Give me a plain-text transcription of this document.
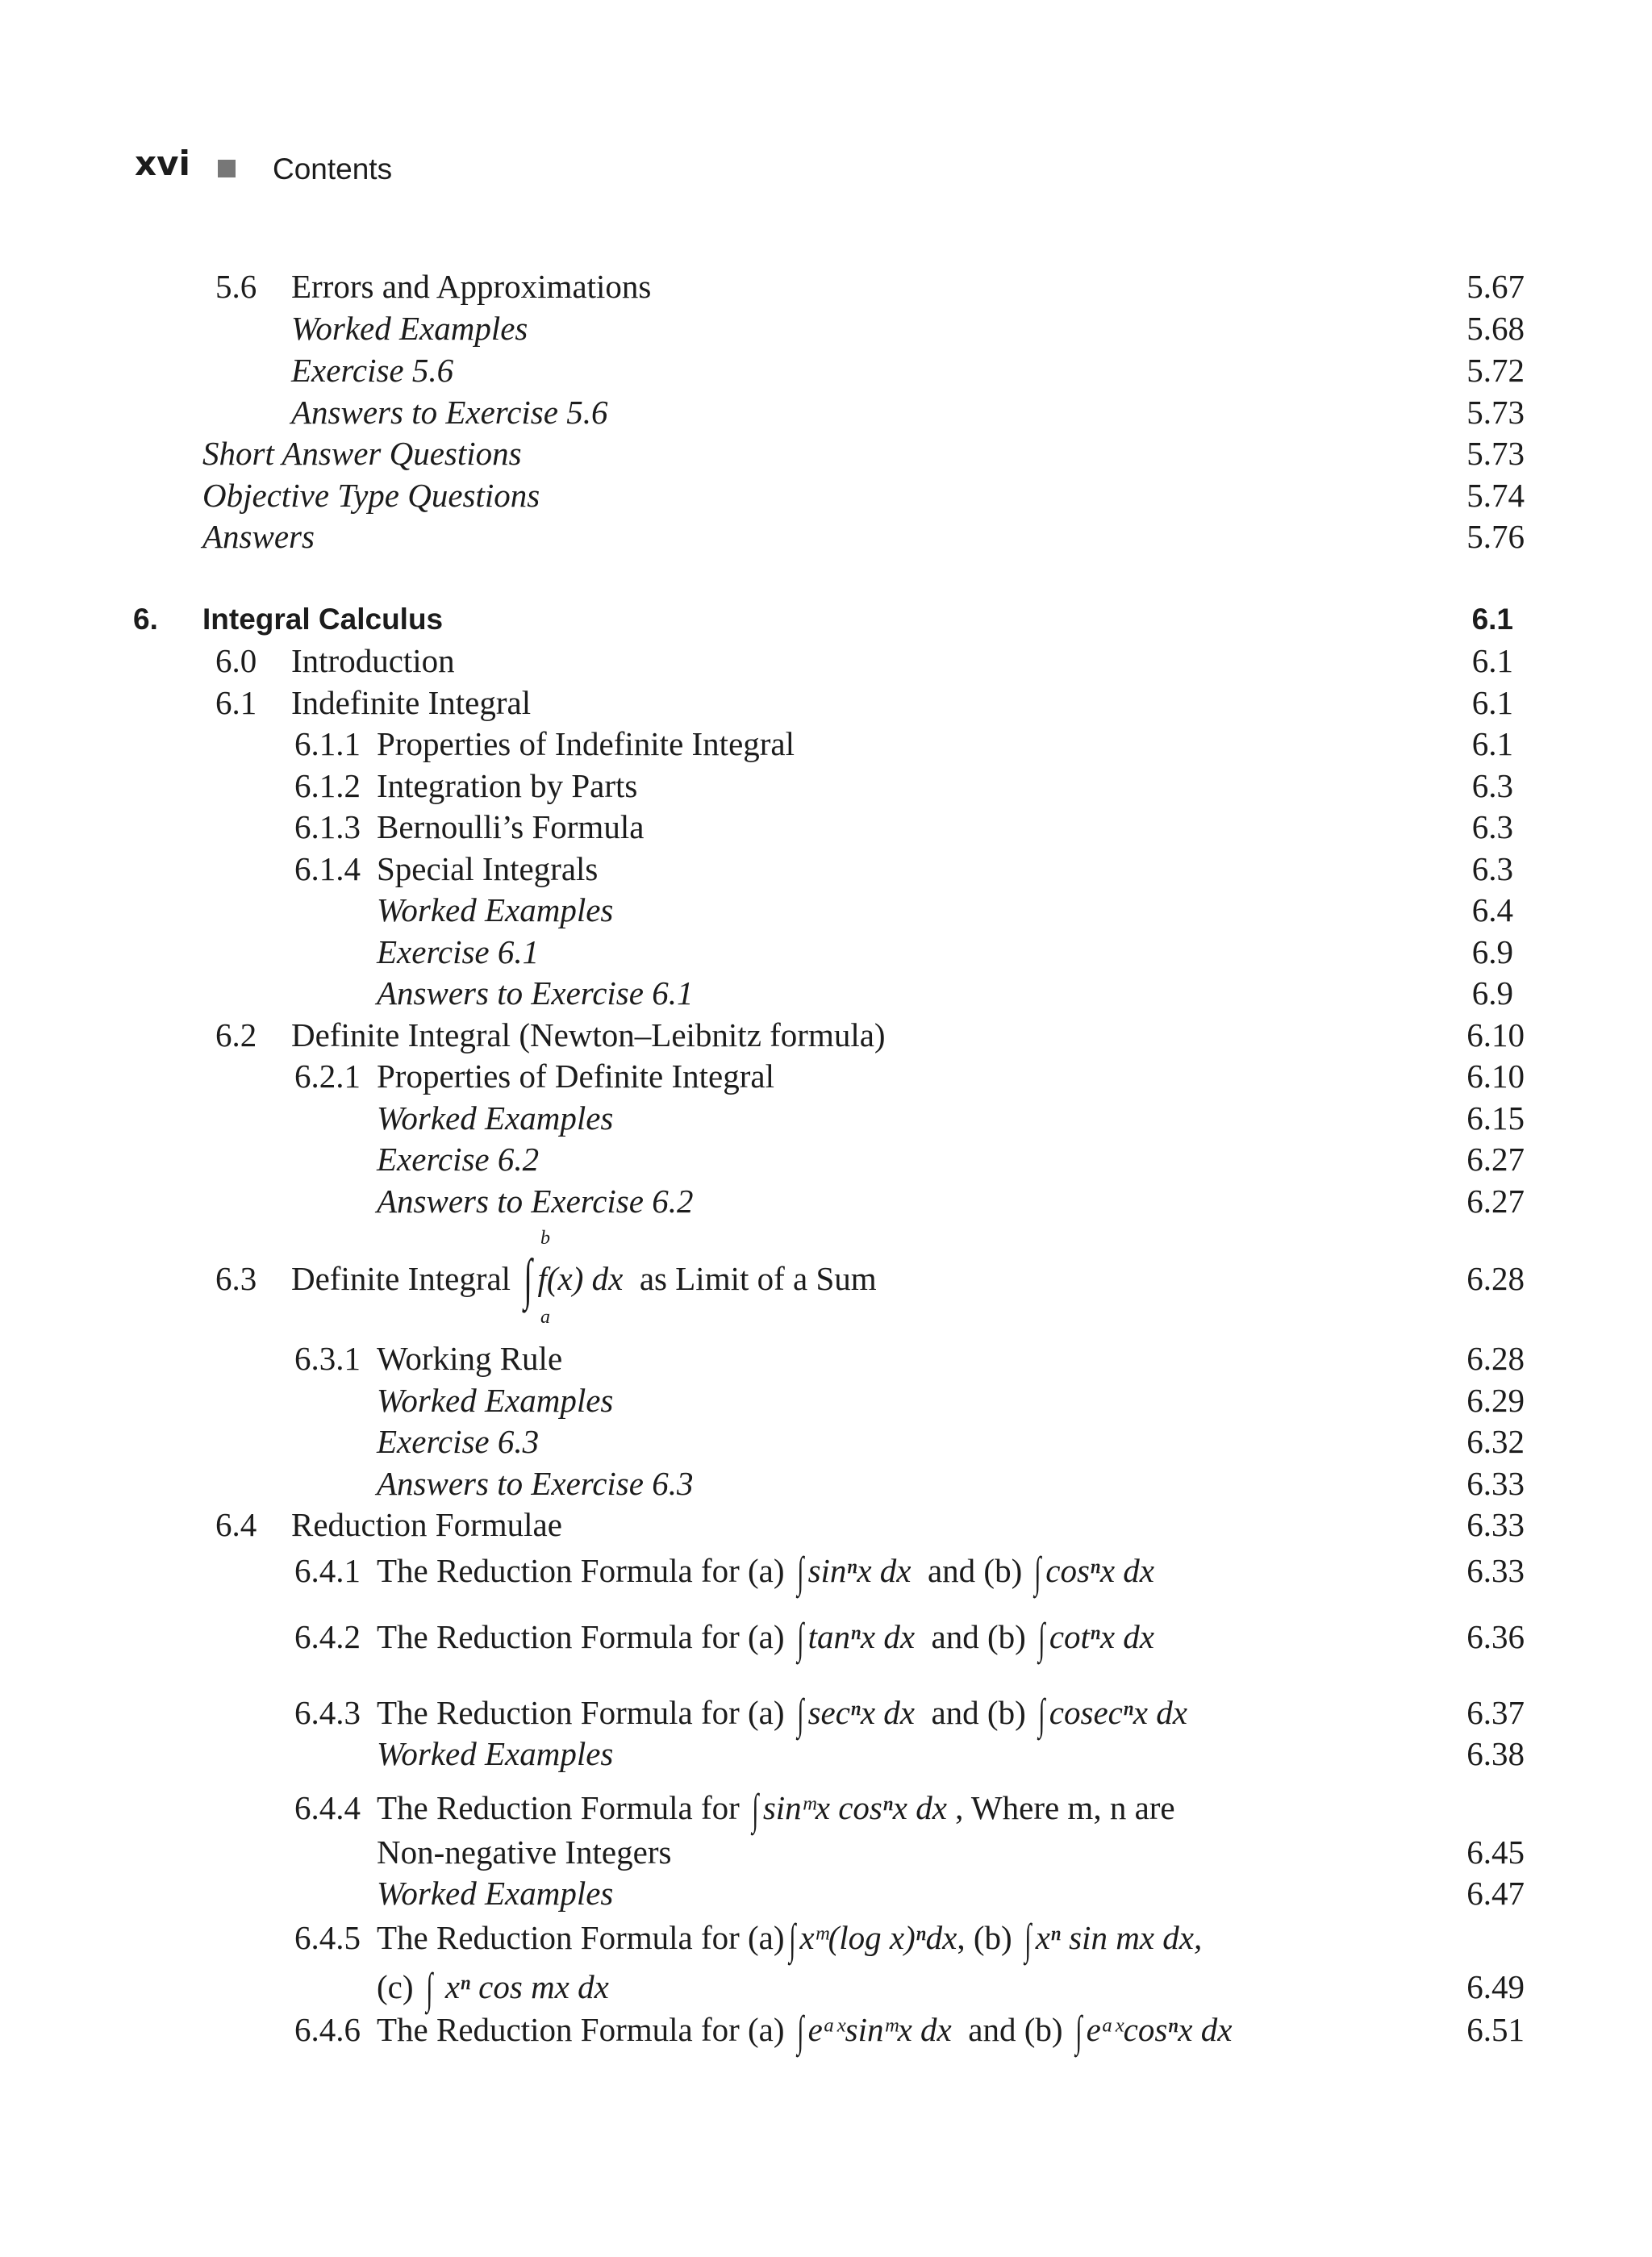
xvi	Contents
5.6 Errors and Approximations	5.67
Worked Examples	5.68
Exercise 5.6	5.72
Answers to Exercise 5.6	5.73
Short Answer Questions	5.73
Objective Type Questions	5.74
Answers	5.76
6. Integral Calculus	6.1
6.0 Introduction	6.1
6.1 Indefinite Integral	6.1
6.1.1 Properties of Indefinite Integral	6.1
6.1.2 Integration by Parts	6.3
6.1.3 Bernoulli’s Formula	6.3
6.1.4 Special Integrals	6.3
Worked Examples	6.4
Exercise 6.1	6.9
Answers to Exercise 6.1	6.9
6.2 Definite Integral (Newton–Leibnitz formula)	6.10
6.2.1 Properties of Definite Integral	6.10
Worked Examples	6.15
Exercise 6.2	6.27
Answers to Exercise 6.2	6.27
b
a
6.3 Definite Integral ∫ f(x) dx as Limit of a Sum	6.28
6.3.1 Working Rule	6.28
Worked Examples	6.29
Exercise 6.3	6.32
Answers to Exercise 6.3	6.33
6.4 Reduction Formulae	6.33
6.4.1 The Reduction Formula for (a) ∫ sinⁿx dx and (b) ∫ cosⁿx dx	6.33
6.4.2 The Reduction Formula for (a) ∫ tanⁿx dx and (b) ∫ cotⁿx dx	6.36
6.4.3 The Reduction Formula for (a) ∫ secⁿx dx and (b) ∫ cosecⁿx dx	6.37
Worked Examples	6.38
6.4.4 The Reduction Formula for ∫ sinᵐx cosⁿx dx , Where m, n are
Non-negative Integers	6.45
Worked Examples	6.47
6.4.5 The Reduction Formula for (a)∫ xᵐ(log x)ⁿdx, (b) ∫ xⁿ sin mx dx,
(c) ∫ xⁿ cos mx dx	6.49
6.4.6 The Reduction Formula for (a) ∫ eᵃˣsinᵐx dx and (b) ∫ eᵃˣcosⁿx dx	6.51
